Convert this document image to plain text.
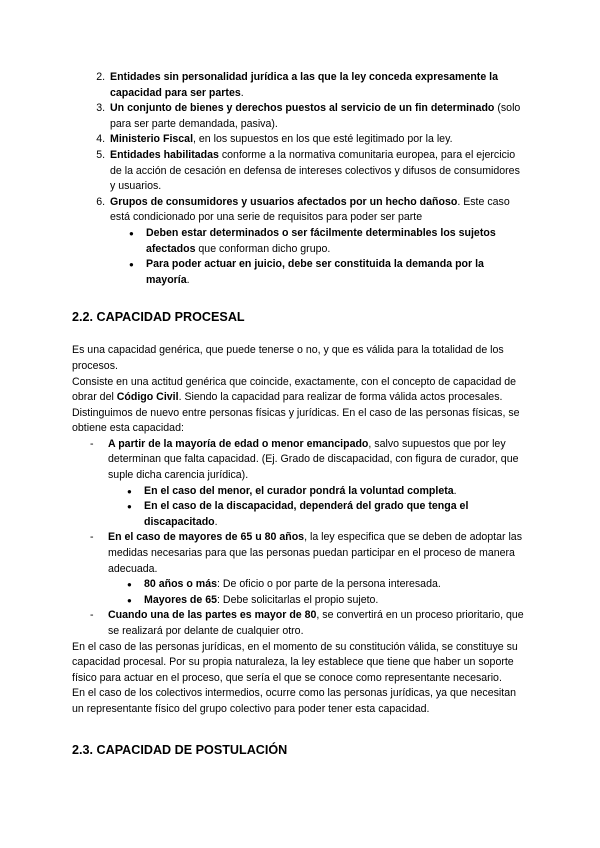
2. Entidades sin personalidad jurídica a las que la ley conceda expresamente la capacidad para ser partes.
3. Un conjunto de bienes y derechos puestos al servicio de un fin determinado (solo para ser parte demandada, pasiva).
4. Ministerio Fiscal, en los supuestos en los que esté legitimado por la ley.
5. Entidades habilitadas conforme a la normativa comunitaria europea, para el ejercicio de la acción de cesación en defensa de intereses colectivos y difusos de consumidores y usuarios.
6. Grupos de consumidores y usuarios afectados por un hecho dañoso. Este caso está condicionado por una serie de requisitos para poder ser parte
● Deben estar determinados o ser fácilmente determinables los sujetos afectados que conforman dicho grupo.
● Para poder actuar en juicio, debe ser constituida la demanda por la mayoría.
2.2. CAPACIDAD PROCESAL

Es una capacidad genérica, que puede tenerse o no, y que es válida para la totalidad de los procesos.

Consiste en una actitud genérica que coincide, exactamente, con el concepto de capacidad de obrar del Código Civil. Siendo la capacidad para realizar de forma válida actos procesales.

Distinguimos de nuevo entre personas físicas y jurídicas. En el caso de las personas físicas, se obtiene esta capacidad:

- A partir de la mayoría de edad o menor emancipado, salvo supuestos que por ley determinan que falta capacidad. (Ej. Grado de discapacidad, con figura de curador, que suple dicha carencia jurídica).
● En el caso del menor, el curador pondrá la voluntad completa.
● En el caso de la discapacidad, dependerá del grado que tenga el discapacitado.
- En el caso de mayores de 65 u 80 años, la ley especifica que se deben de adoptar las medidas necesarias para que las personas puedan participar en el proceso de manera adecuada.
● 80 años o más: De oficio o por parte de la persona interesada.
● Mayores de 65: Debe solicitarlas el propio sujeto.
- Cuando una de las partes es mayor de 80, se convertirá en un proceso prioritario, que se realizará por delante de cualquier otro.

En el caso de las personas jurídicas, en el momento de su constitución válida, se constituye su capacidad procesal. Por su propia naturaleza, la ley establece que tiene que haber un soporte físico para actuar en el proceso, que sería el que se conoce como representante necesario.

En el caso de los colectivos intermedios, ocurre como las personas jurídicas, ya que necesitan un representante físico del grupo colectivo para poder tener esta capacidad.

2.3. CAPACIDAD DE POSTULACIÓN
